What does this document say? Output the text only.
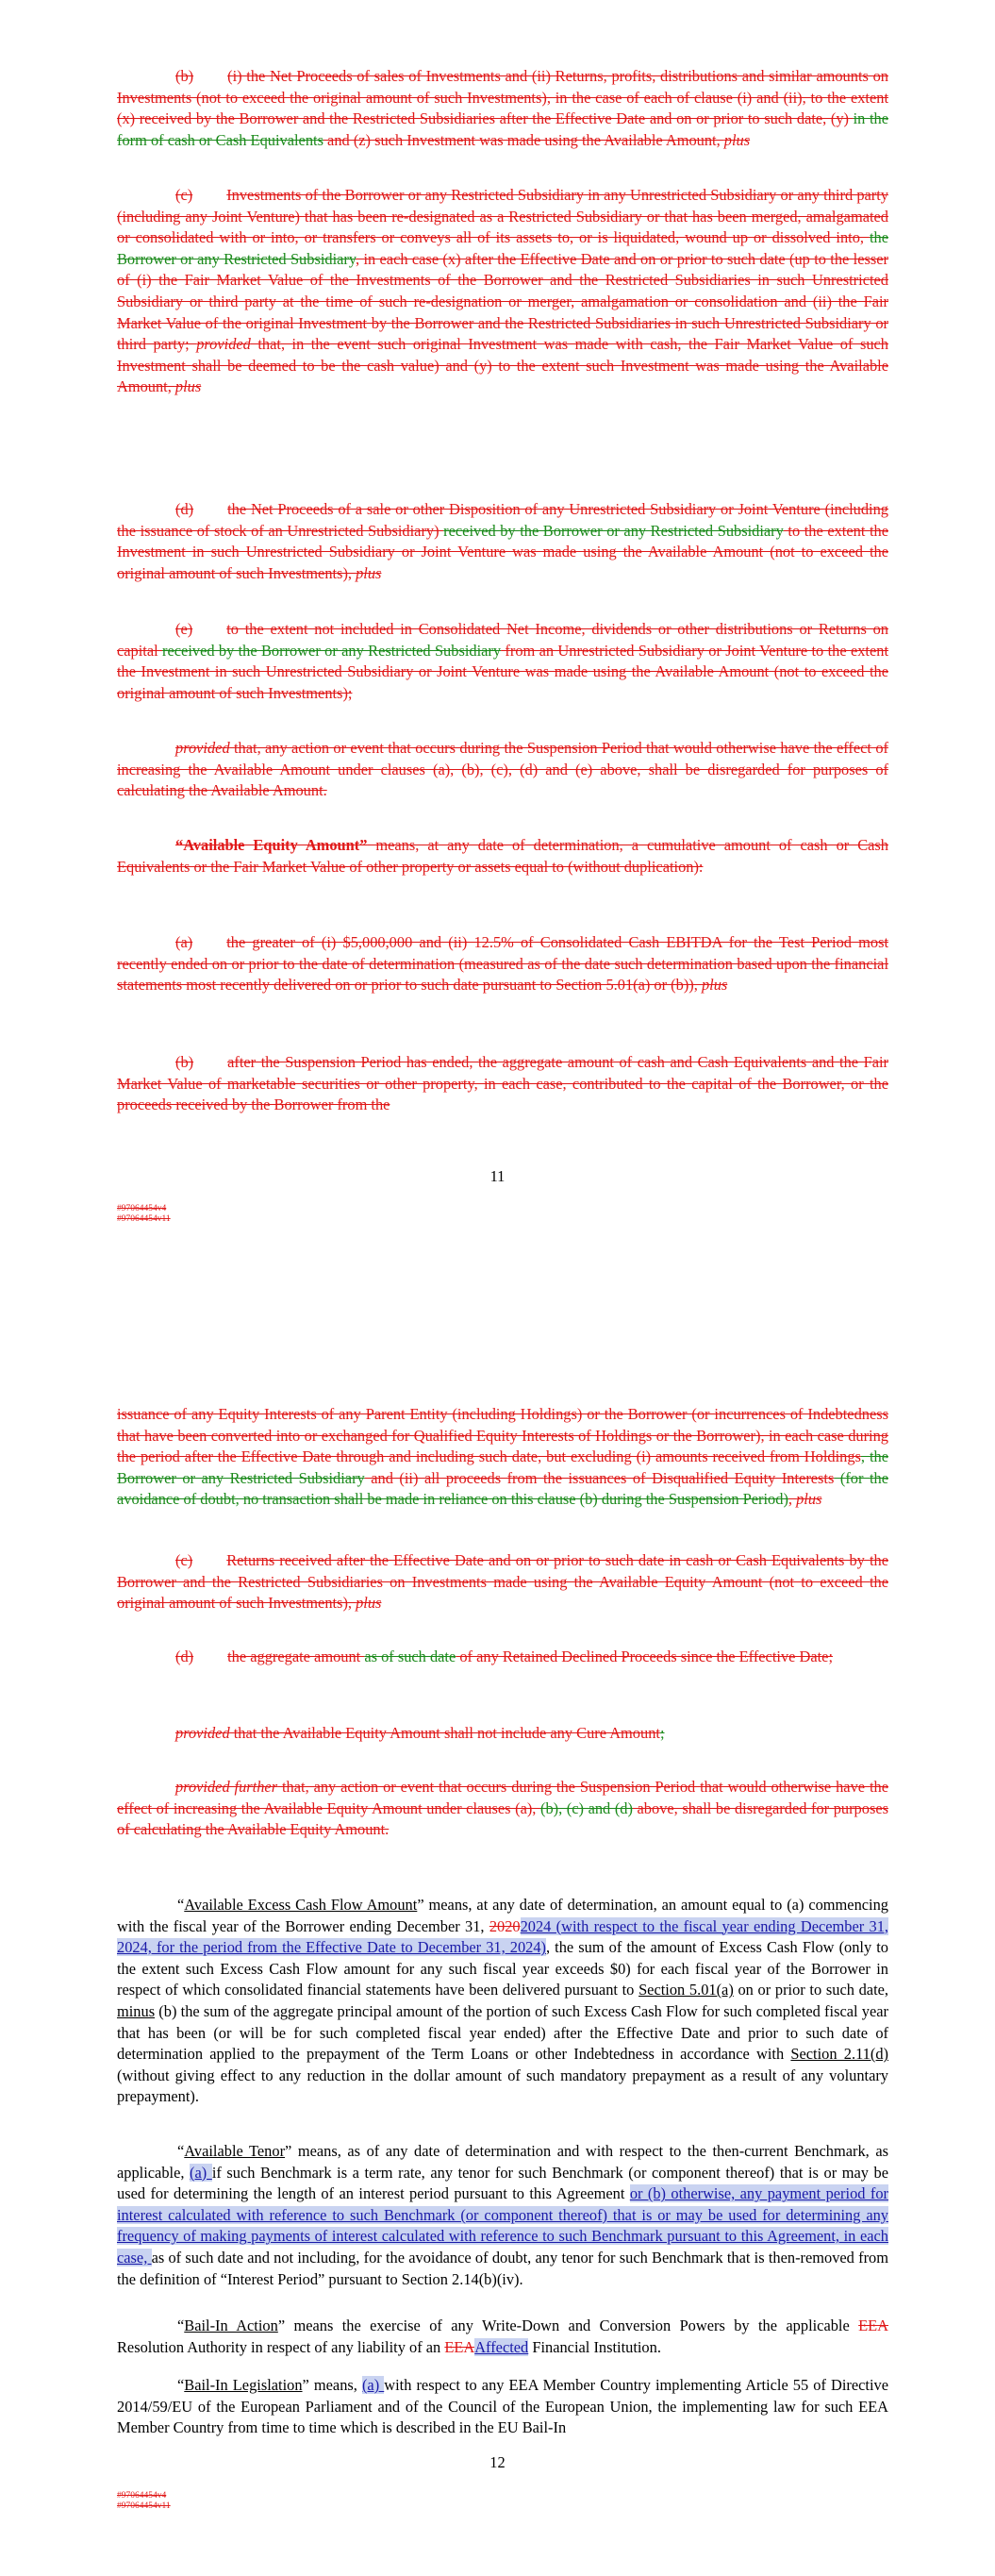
(b) (i) the Net Proceeds of sales of Investments and (ii) Returns, profits, distributions and similar amounts on Investments (not to exceed the original amount of such Investments), in the case of each of clause (i) and (ii), to the extent (x) received by the Borrower and the Restricted Subsidiaries after the Effective Date and on or prior to such date, (y) in the form of cash or Cash Equivalents and (z) such Investment was made using the Available Amount, plus

(c) Investments of the Borrower or any Restricted Subsidiary in any Unrestricted Subsidiary or any third party (including any Joint Venture) that has been re-designated as a Restricted Subsidiary or that has been merged, amalgamated or consolidated with or into, or transfers or conveys all of its assets to, or is liquidated, wound up or dissolved into, the Borrower or any Restricted Subsidiary, in each case (x) after the Effective Date and on or prior to such date (up to the lesser of (i) the Fair Market Value of the Investments of the Borrower and the Restricted Subsidiaries in such Unrestricted Subsidiary or third party at the time of such re-designation or merger, amalgamation or consolidation and (ii) the Fair Market Value of the original Investment by the Borrower and the Restricted Subsidiaries in such Unrestricted Subsidiary or third party; provided that, in the event such original Investment was made with cash, the Fair Market Value of such Investment shall be deemed to be the cash value) and (y) to the extent such Investment was made using the Available Amount, plus

(d) the Net Proceeds of a sale or other Disposition of any Unrestricted Subsidiary or Joint Venture (including the issuance of stock of an Unrestricted Subsidiary) received by the Borrower or any Restricted Subsidiary to the extent the Investment in such Unrestricted Subsidiary or Joint Venture was made using the Available Amount (not to exceed the original amount of such Investments), plus

(e) to the extent not included in Consolidated Net Income, dividends or other distributions or Returns on capital received by the Borrower or any Restricted Subsidiary from an Unrestricted Subsidiary or Joint Venture to the extent the Investment in such Unrestricted Subsidiary or Joint Venture was made using the Available Amount (not to exceed the original amount of such Investments);

provided that, any action or event that occurs during the Suspension Period that would otherwise have the effect of increasing the Available Amount under clauses (a), (b), (c), (d) and (e) above, shall be disregarded for purposes of calculating the Available Amount.

“Available Equity Amount” means, at any date of determination, a cumulative amount of cash or Cash Equivalents or the Fair Market Value of other property or assets equal to (without duplication):

(a) the greater of (i) $5,000,000 and (ii) 12.5% of Consolidated Cash EBITDA for the Test Period most recently ended on or prior to the date of determination (measured as of the date such determination based upon the financial statements most recently delivered on or prior to such date pursuant to Section 5.01(a) or (b)), plus

(b) after the Suspension Period has ended, the aggregate amount of cash and Cash Equivalents and the Fair Market Value of marketable securities or other property, in each case, contributed to the capital of the Borrower, or the proceeds received by the Borrower from the

11
#97064454v4
#97064454v11

issuance of any Equity Interests of any Parent Entity (including Holdings) or the Borrower (or incurrences of Indebtedness that have been converted into or exchanged for Qualified Equity Interests of Holdings or the Borrower), in each case during the period after the Effective Date through and including such date, but excluding (i) amounts received from Holdings, the Borrower or any Restricted Subsidiary and (ii) all proceeds from the issuances of Disqualified Equity Interests (for the avoidance of doubt, no transaction shall be made in reliance on this clause (b) during the Suspension Period), plus

(c) Returns received after the Effective Date and on or prior to such date in cash or Cash Equivalents by the Borrower and the Restricted Subsidiaries on Investments made using the Available Equity Amount (not to exceed the original amount of such Investments), plus

(d) the aggregate amount as of such date of any Retained Declined Proceeds since the Effective Date;

provided that the Available Equity Amount shall not include any Cure Amount;

provided further that, any action or event that occurs during the Suspension Period that would otherwise have the effect of increasing the Available Equity Amount under clauses (a), (b), (c) and (d) above, shall be disregarded for purposes of calculating the Available Equity Amount.

“Available Excess Cash Flow Amount” means, at any date of determination, an amount equal to (a) commencing with the fiscal year of the Borrower ending December 31, 20202024 (with respect to the fiscal year ending December 31, 2024, for the period from the Effective Date to December 31, 2024), the sum of the amount of Excess Cash Flow (only to the extent such Excess Cash Flow amount for any such fiscal year exceeds $0) for each fiscal year of the Borrower in respect of which consolidated financial statements have been delivered pursuant to Section 5.01(a) on or prior to such date, minus (b) the sum of the aggregate principal amount of the portion of such Excess Cash Flow for such completed fiscal year that has been (or will be for such completed fiscal year ended) after the Effective Date and prior to such date of determination applied to the prepayment of the Term Loans or other Indebtedness in accordance with Section 2.11(d) (without giving effect to any reduction in the dollar amount of such mandatory prepayment as a result of any voluntary prepayment).

“Available Tenor” means, as of any date of determination and with respect to the then-current Benchmark, as applicable, (a) if such Benchmark is a term rate, any tenor for such Benchmark (or component thereof) that is or may be used for determining the length of an interest period pursuant to this Agreement or (b) otherwise, any payment period for interest calculated with reference to such Benchmark (or component thereof) that is or may be used for determining any frequency of making payments of interest calculated with reference to such Benchmark pursuant to this Agreement, in each case, as of such date and not including, for the avoidance of doubt, any tenor for such Benchmark that is then-removed from the definition of “Interest Period” pursuant to Section 2.14(b)(iv).

“Bail-In Action” means the exercise of any Write-Down and Conversion Powers by the applicable EEA Resolution Authority in respect of any liability of an EEAAffected Financial Institution.

“Bail-In Legislation” means, (a) with respect to any EEA Member Country implementing Article 55 of Directive 2014/59/EU of the European Parliament and of the Council of the European Union, the implementing law for such EEA Member Country from time to time which is described in the EU Bail-In

12
#97064454v4
#97064454v11
